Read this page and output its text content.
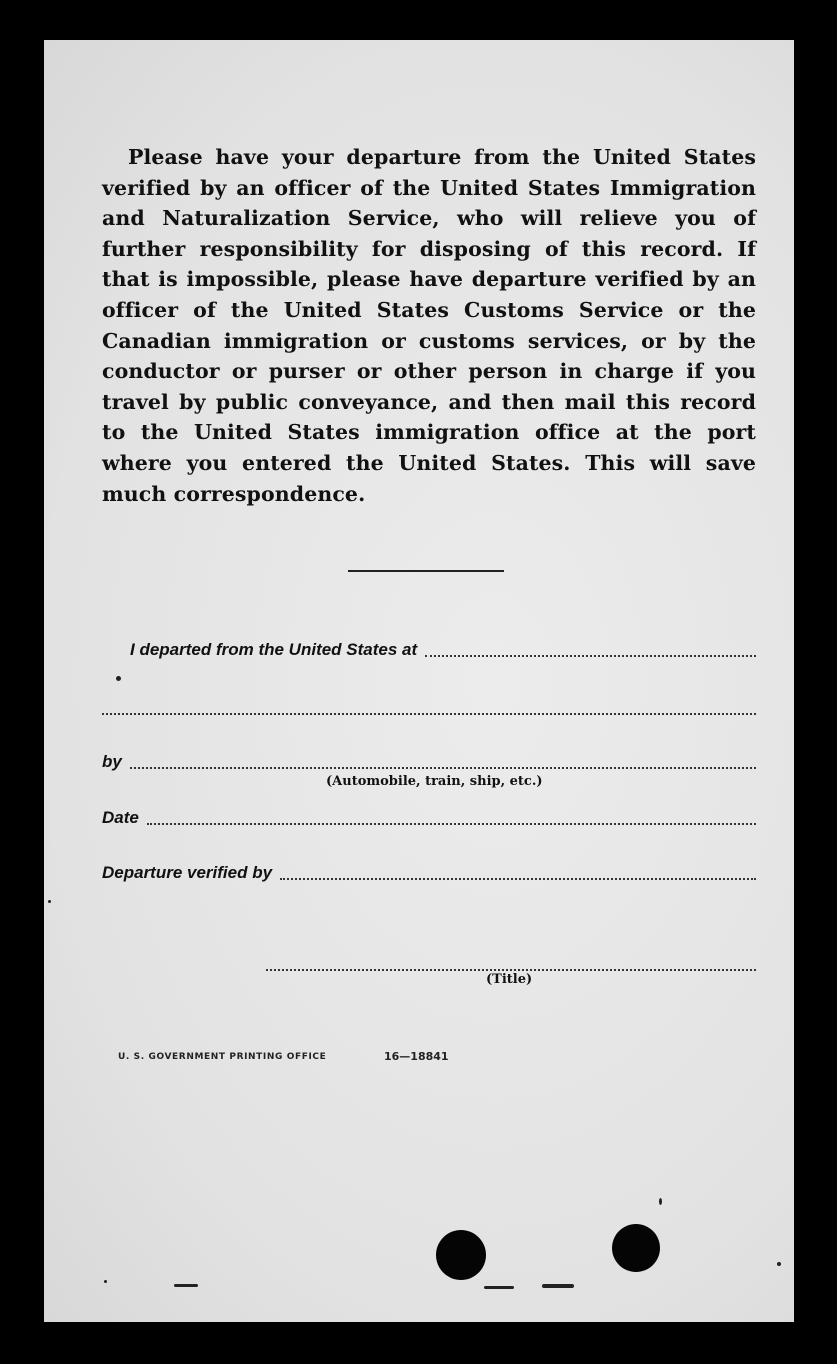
Please have your departure from the United States verified by an officer of the United States Immigration and Naturalization Service, who will relieve you of further responsibility for disposing of this record. If that is impossible, please have departure verified by an officer of the United States Customs Service or the Canadian immigration or customs services, or by the conductor or purser or other person in charge if you travel by public conveyance, and then mail this record to the United States immigration office at the port where you entered the United States. This will save much correspondence.
I departed from the United States at
by
(Automobile, train, ship, etc.)
Date
Departure verified by
(Title)
U. S. GOVERNMENT PRINTING OFFICE	16—18841
